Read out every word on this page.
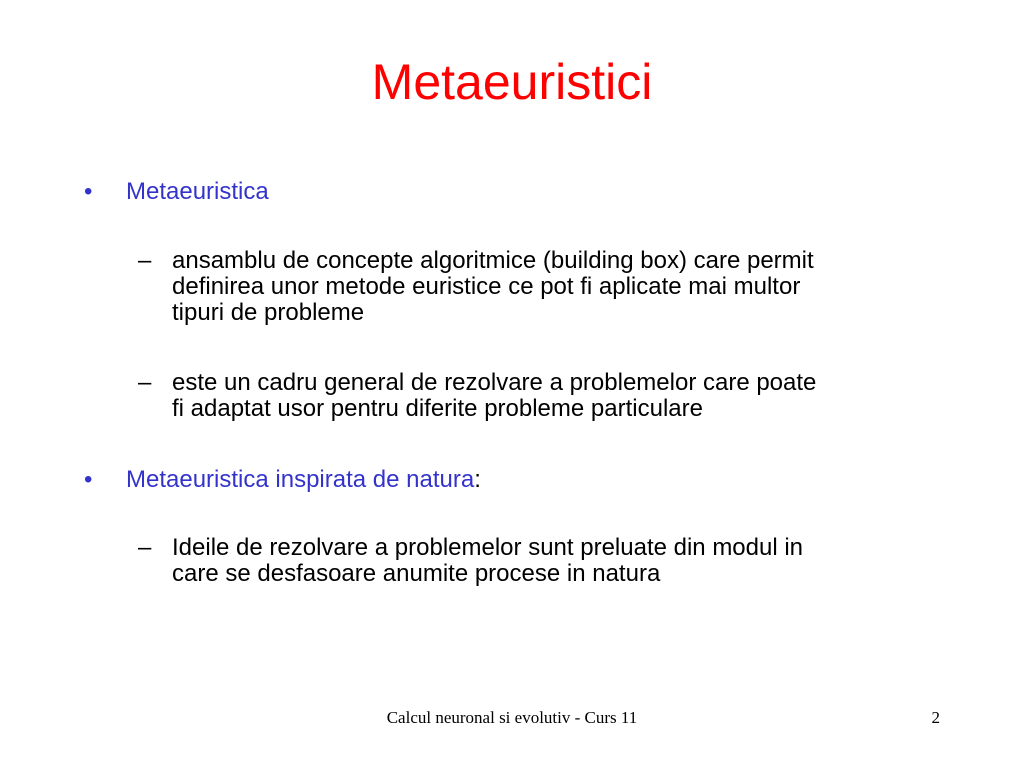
Metaeuristici
• Metaeuristica
– ansamblu de concepte algoritmice (building box) care permit
definirea unor metode euristice ce pot fi aplicate mai multor
tipuri de probleme
– este un cadru general de rezolvare a problemelor care poate
fi adaptat usor pentru diferite probleme particulare
• Metaeuristica inspirata de natura:
– Ideile de rezolvare a problemelor sunt preluate din modul in
care se desfasoare anumite procese in natura
Calcul neuronal si evolutiv - Curs 11	2
